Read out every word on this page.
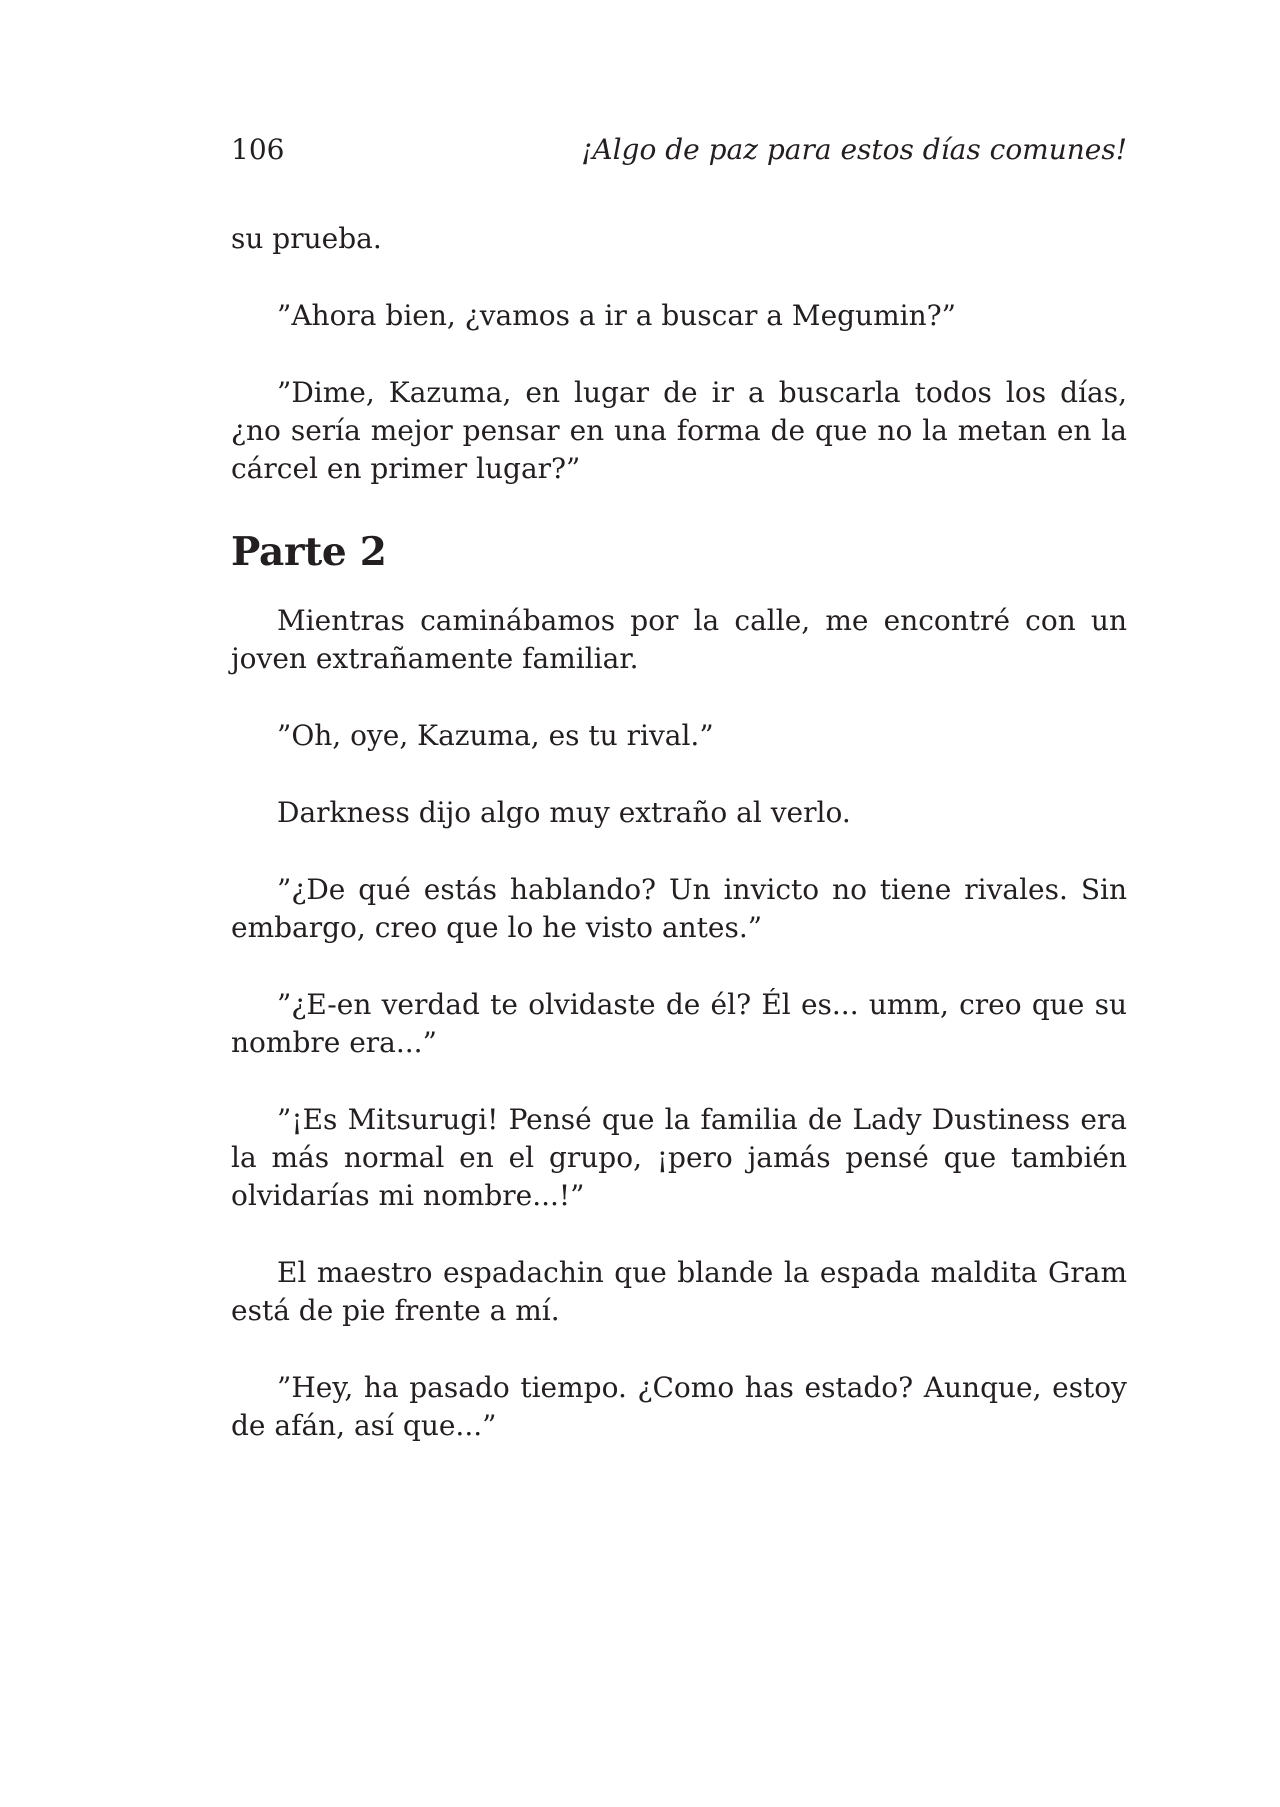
106	¡Algo de paz para estos días comunes!

su prueba.

”Ahora bien, ¿vamos a ir a buscar a Megumin?”

”Dime, Kazuma, en lugar de ir a buscarla todos los días, ¿no sería mejor pensar en una forma de que no la metan en la cárcel en primer lugar?”

Parte 2

Mientras caminábamos por la calle, me encontré con un joven extrañamente familiar.

”Oh, oye, Kazuma, es tu rival.”

Darkness dijo algo muy extraño al verlo.

”¿De qué estás hablando? Un invicto no tiene rivales. Sin embargo, creo que lo he visto antes.”

”¿E-en verdad te olvidaste de él? Él es... umm, creo que su nombre era...”

”¡Es Mitsurugi! Pensé que la familia de Lady Dustiness era la más normal en el grupo, ¡pero jamás pensé que también olvidarías mi nombre...!”

El maestro espadachin que blande la espada maldita Gram está de pie frente a mí.

”Hey, ha pasado tiempo. ¿Como has estado? Aunque, estoy de afán, así que...”
